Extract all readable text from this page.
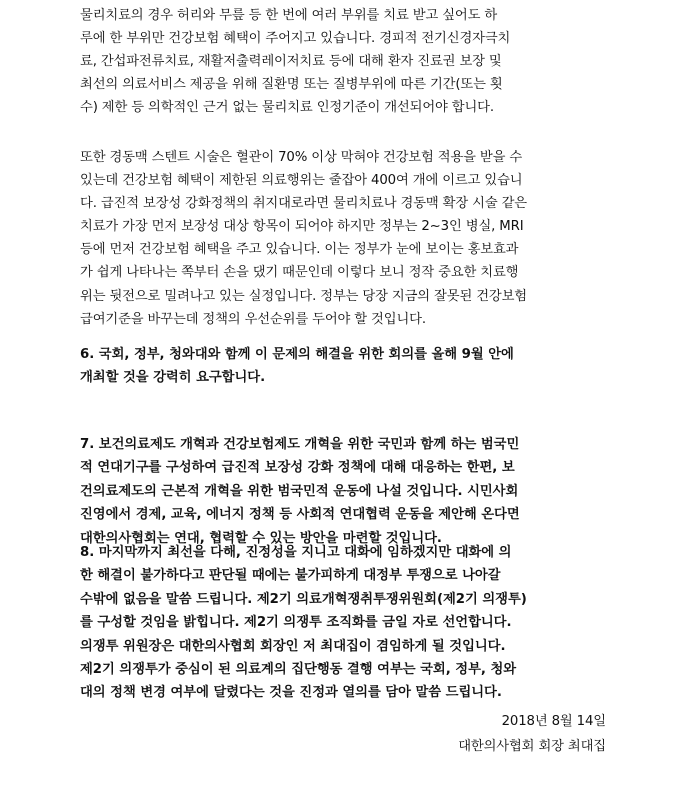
물리치료의 경우 허리와 무릎 등 한 번에 여러 부위를 치료 받고 싶어도 하
루에 한 부위만 건강보험 혜택이 주어지고 있습니다. 경피적 전기신경자극치
료, 간섭파전류치료, 재활저출력레이저치료 등에 대해 환자 진료권 보장 및
최선의 의료서비스 제공을 위해 질환명 또는 질병부위에 따른 기간(또는 횟
수) 제한 등 의학적인 근거 없는 물리치료 인정기준이 개선되어야 합니다.

또한 경동맥 스텐트 시술은 혈관이 70% 이상 막혀야 건강보험 적용을 받을 수
있는데 건강보험 혜택이 제한된 의료행위는 줄잡아 400여 개에 이르고 있습니
다. 급진적 보장성 강화정책의 취지대로라면 물리치료나 경동맥 확장 시술 같은
치료가 가장 먼저 보장성 대상 항목이 되어야 하지만 정부는 2~3인 병실, MRI
등에 먼저 건강보험 혜택을 주고 있습니다. 이는 정부가 눈에 보이는 홍보효과
가 쉽게 나타나는 쪽부터 손을 댔기 때문인데 이렇다 보니 정작 중요한 치료행
위는 뒷전으로 밀려나고 있는 실정입니다. 정부는 당장 지금의 잘못된 건강보험
급여기준을 바꾸는데 정책의 우선순위를 두어야 할 것입니다.

6. 국회, 정부, 청와대와 함께 이 문제의 해결을 위한 회의를 올해 9월 안에
개최할 것을 강력히 요구합니다.

7. 보건의료제도 개혁과 건강보험제도 개혁을 위한 국민과 함께 하는 범국민
적 연대기구를 구성하여 급진적 보장성 강화 정책에 대해 대응하는 한편, 보
건의료제도의 근본적 개혁을 위한 범국민적 운동에 나설 것입니다. 시민사회
진영에서 경제, 교육, 에너지 정책 등 사회적 연대협력 운동을 제안해 온다면
대한의사협회는 연대, 협력할 수 있는 방안을 마련할 것입니다.

8. 마지막까지 최선을 다해, 진정성을 지니고 대화에 임하겠지만 대화에 의
한 해결이 불가하다고 판단될 때에는 불가피하게 대정부 투쟁으로 나아갈
수밖에 없음을 말씀 드립니다. 제2기 의료개혁쟁취투쟁위원회(제2기 의쟁투)
를 구성할 것임을 밝힙니다. 제2기 의쟁투 조직화를 금일 자로 선언합니다.
의쟁투 위원장은 대한의사협회 회장인 저 최대집이 겸임하게 될 것입니다.
제2기 의쟁투가 중심이 된 의료계의 집단행동 결행 여부는 국회, 정부, 청와
대의 정책 변경 여부에 달렸다는 것을 진정과 열의를 담아 말씀 드립니다.

2018년 8월 14일
대한의사협회 회장 최대집
